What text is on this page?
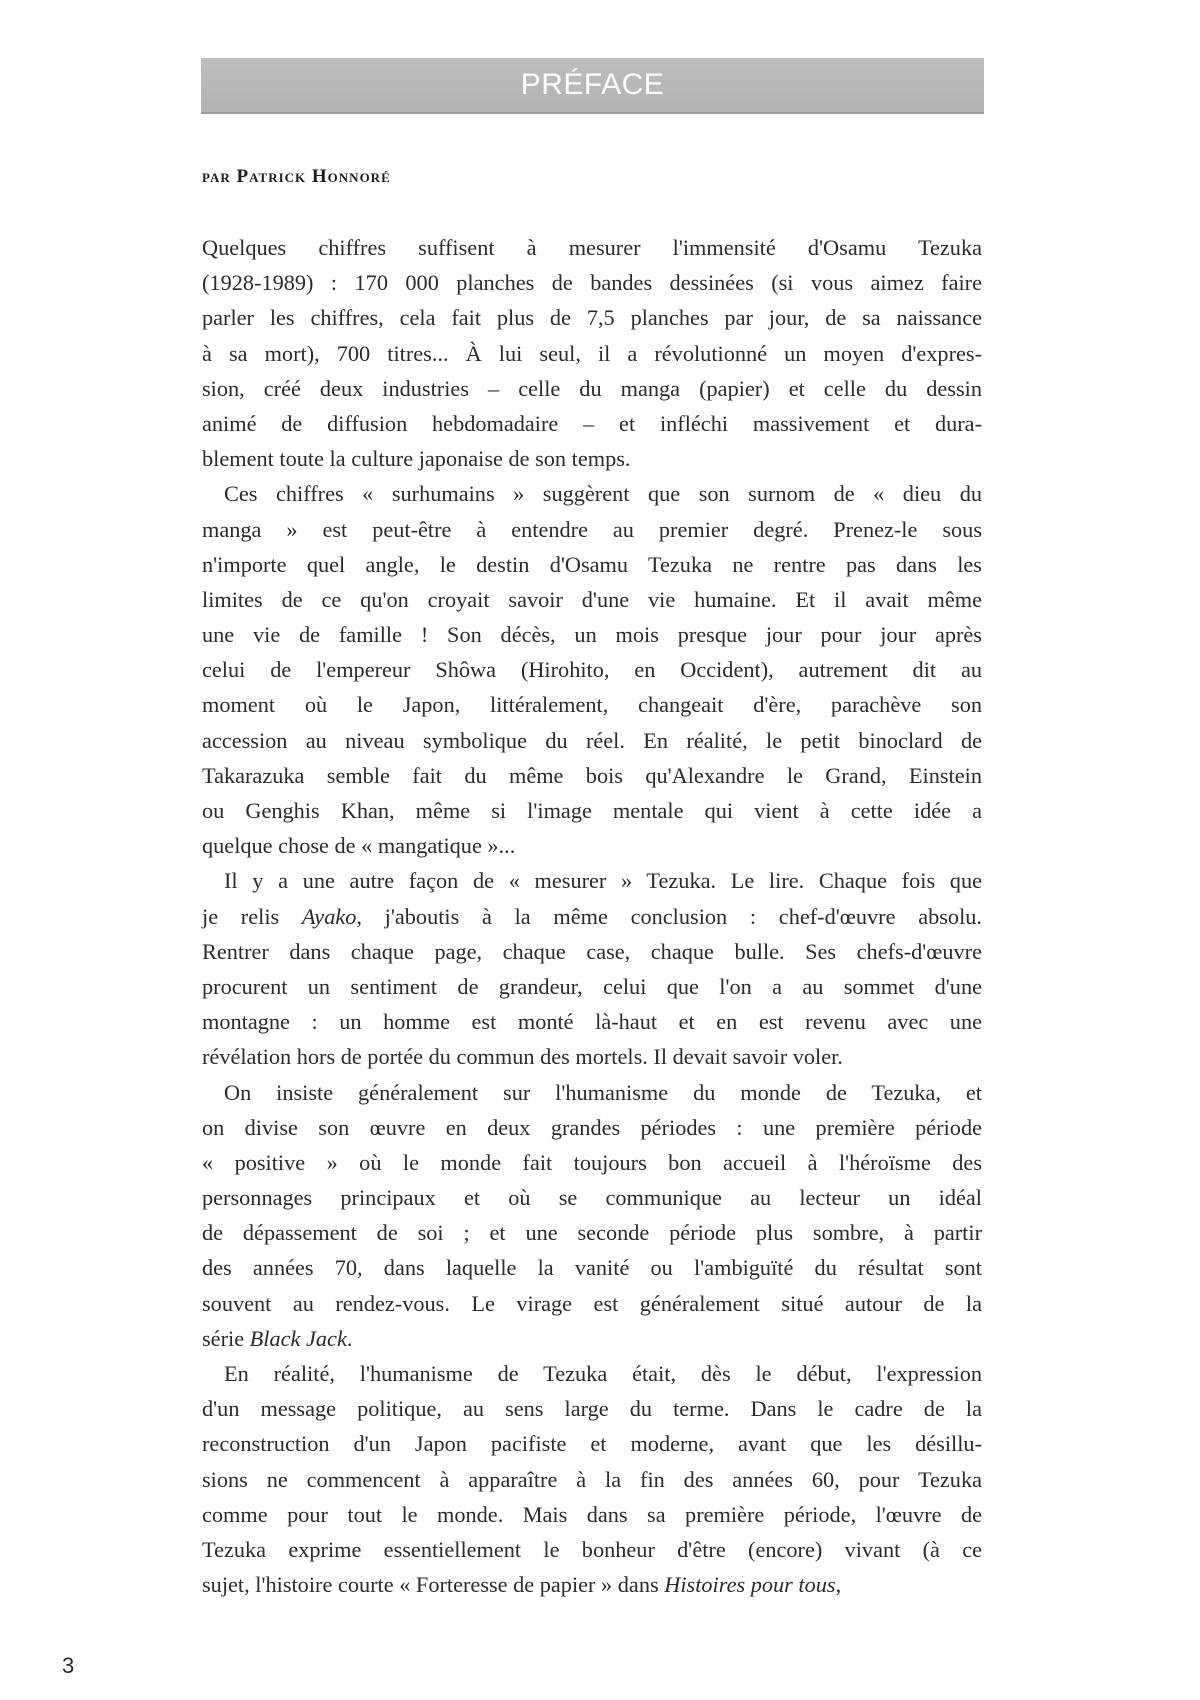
PRÉFACE
par Patrick Honnoré
Quelques chiffres suffisent à mesurer l'immensité d'Osamu Tezuka
(1928-1989) : 170 000 planches de bandes dessinées (si vous aimez faire
parler les chiffres, cela fait plus de 7,5 planches par jour, de sa naissance
à sa mort), 700 titres... À lui seul, il a révolutionné un moyen d'expres-
sion, créé deux industries – celle du manga (papier) et celle du dessin
animé de diffusion hebdomadaire – et infléchi massivement et dura-
blement toute la culture japonaise de son temps.
Ces chiffres « surhumains » suggèrent que son surnom de « dieu du
manga » est peut-être à entendre au premier degré. Prenez-le sous
n'importe quel angle, le destin d'Osamu Tezuka ne rentre pas dans les
limites de ce qu'on croyait savoir d'une vie humaine. Et il avait même
une vie de famille ! Son décès, un mois presque jour pour jour après
celui de l'empereur Shôwa (Hirohito, en Occident), autrement dit au
moment où le Japon, littéralement, changeait d'ère, parachève son
accession au niveau symbolique du réel. En réalité, le petit binoclard de
Takarazuka semble fait du même bois qu'Alexandre le Grand, Einstein
ou Genghis Khan, même si l'image mentale qui vient à cette idée a
quelque chose de « mangatique »...
Il y a une autre façon de « mesurer » Tezuka. Le lire. Chaque fois que
je relis Ayako, j'aboutis à la même conclusion : chef-d'œuvre absolu.
Rentrer dans chaque page, chaque case, chaque bulle. Ses chefs-d'œuvre
procurent un sentiment de grandeur, celui que l'on a au sommet d'une
montagne : un homme est monté là-haut et en est revenu avec une
révélation hors de portée du commun des mortels. Il devait savoir voler.
On insiste généralement sur l'humanisme du monde de Tezuka, et
on divise son œuvre en deux grandes périodes : une première période
« positive » où le monde fait toujours bon accueil à l'héroïsme des
personnages principaux et où se communique au lecteur un idéal
de dépassement de soi ; et une seconde période plus sombre, à partir
des années 70, dans laquelle la vanité ou l'ambiguïté du résultat sont
souvent au rendez-vous. Le virage est généralement situé autour de la
série Black Jack.
En réalité, l'humanisme de Tezuka était, dès le début, l'expression
d'un message politique, au sens large du terme. Dans le cadre de la
reconstruction d'un Japon pacifiste et moderne, avant que les désillu-
sions ne commencent à apparaître à la fin des années 60, pour Tezuka
comme pour tout le monde. Mais dans sa première période, l'œuvre de
Tezuka exprime essentiellement le bonheur d'être (encore) vivant (à ce
sujet, l'histoire courte « Forteresse de papier » dans Histoires pour tous,
3
